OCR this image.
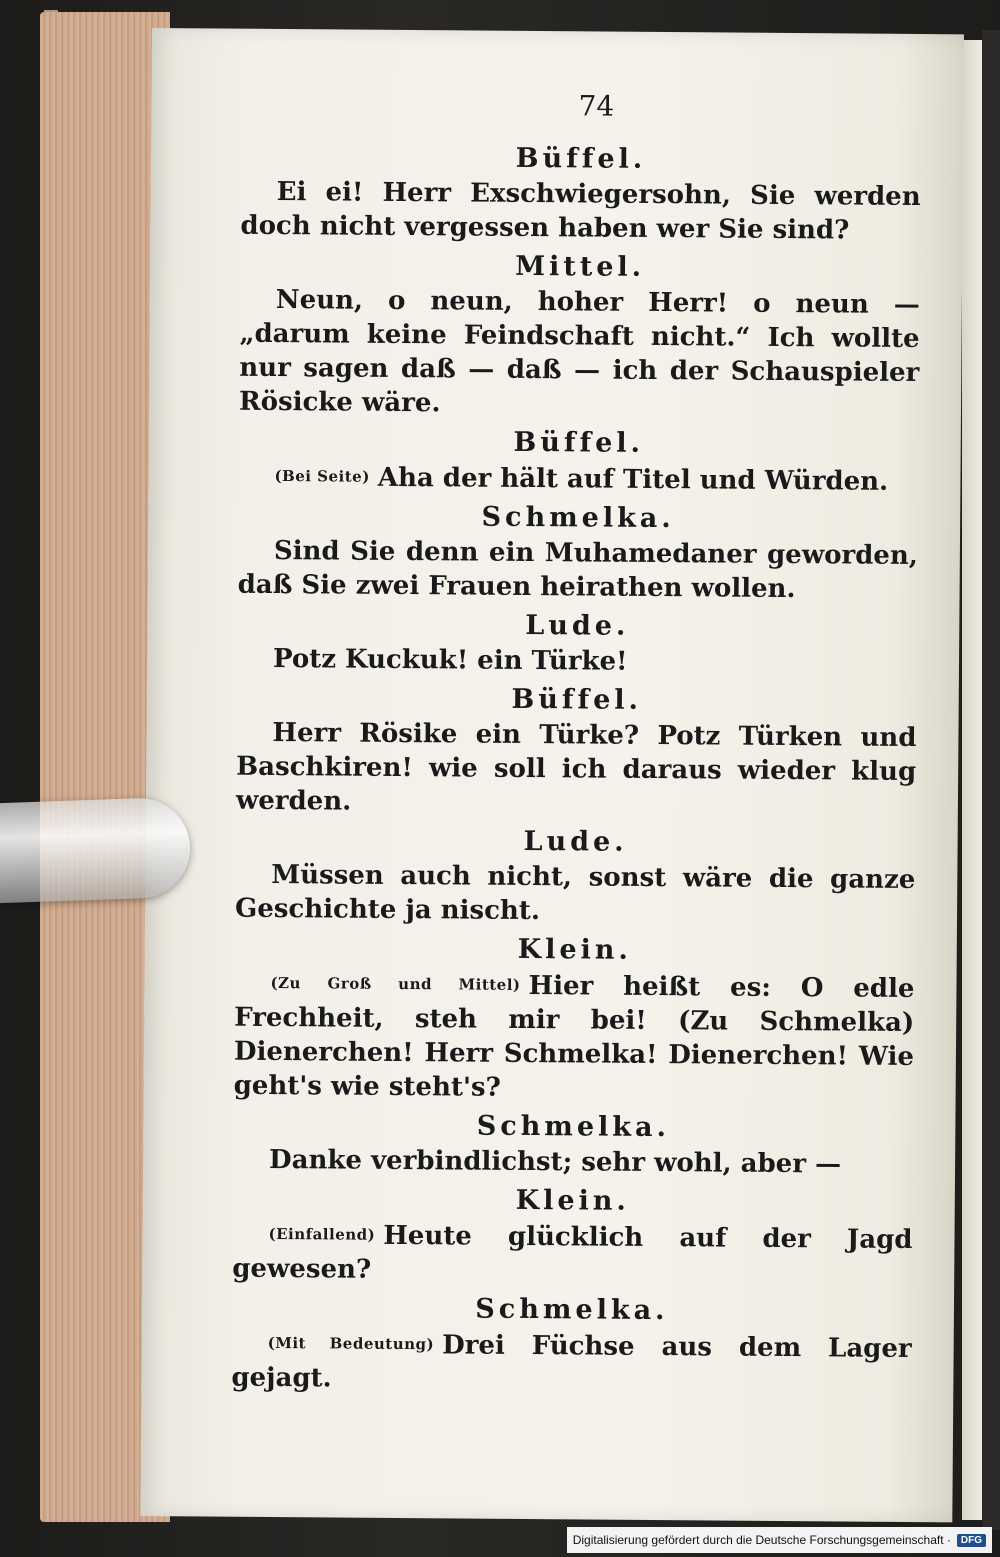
74
Büffel.
Ei ei! Herr Exschwiegersohn, Sie werden doch nicht vergessen haben wer Sie sind?
Mittel.
Neun, o neun, hoher Herr! o neun — „darum keine Feindschaft nicht.“ Ich wollte nur sagen daß — daß — ich der Schauspieler Rösicke wäre.
Büffel.
(Bei Seite) Aha der hält auf Titel und Würden.
Schmelka.
Sind Sie denn ein Muhamedaner geworden, daß Sie zwei Frauen heirathen wollen.
Lude.
Potz Kuckuk! ein Türke!
Büffel.
Herr Rösike ein Türke? Potz Türken und Baschkiren! wie soll ich daraus wieder klug werden.
Lude.
Müssen auch nicht, sonst wäre die ganze Geschichte ja nischt.
Klein.
(Zu Groß und Mittel) Hier heißt es: O edle Frechheit, steh mir bei! (Zu Schmelka) Dienerchen! Herr Schmelka! Dienerchen! Wie geht's wie steht's?
Schmelka.
Danke verbindlichst; sehr wohl, aber —
Klein.
(Einfallend) Heute glücklich auf der Jagd gewesen?
Schmelka.
(Mit Bedeutung) Drei Füchse aus dem Lager gejagt.
Digitalisierung gefördert durch die Deutsche Forschungsgemeinschaft ·	DFG
